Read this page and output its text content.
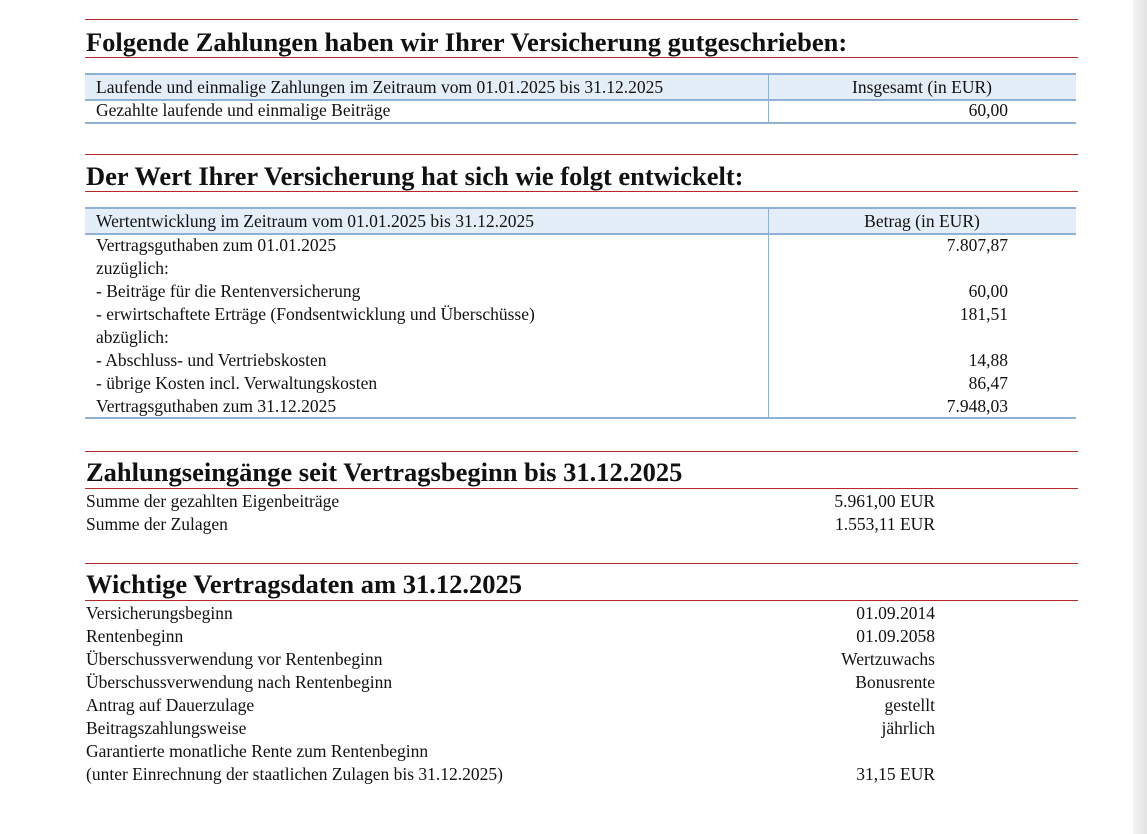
Folgende Zahlungen haben wir Ihrer Versicherung gutgeschrieben:
Laufende und einmalige Zahlungen im Zeitraum vom 01.01.2025 bis 31.12.2025	Insgesamt (in EUR)
Gezahlte laufende und einmalige Beiträge	60,00
Der Wert Ihrer Versicherung hat sich wie folgt entwickelt:
Wertentwicklung im Zeitraum vom 01.01.2025 bis 31.12.2025	Betrag (in EUR)
Vertragsguthaben zum 01.01.2025	7.807,87
zuzüglich:
- Beiträge für die Rentenversicherung	60,00
- erwirtschaftete Erträge (Fondsentwicklung und Überschüsse)	181,51
abzüglich:
- Abschluss- und Vertriebskosten	14,88
- übrige Kosten incl. Verwaltungskosten	86,47
Vertragsguthaben zum 31.12.2025	7.948,03
Zahlungseingänge seit Vertragsbeginn bis 31.12.2025
Summe der gezahlten Eigenbeiträge	5.961,00 EUR
Summe der Zulagen	1.553,11 EUR
Wichtige Vertragsdaten am 31.12.2025
Versicherungsbeginn	01.09.2014
Rentenbeginn	01.09.2058
Überschussverwendung vor Rentenbeginn	Wertzuwachs
Überschussverwendung nach Rentenbeginn	Bonusrente
Antrag auf Dauerzulage	gestellt
Beitragszahlungsweise	jährlich
Garantierte monatliche Rente zum Rentenbeginn
(unter Einrechnung der staatlichen Zulagen bis 31.12.2025)	31,15 EUR
